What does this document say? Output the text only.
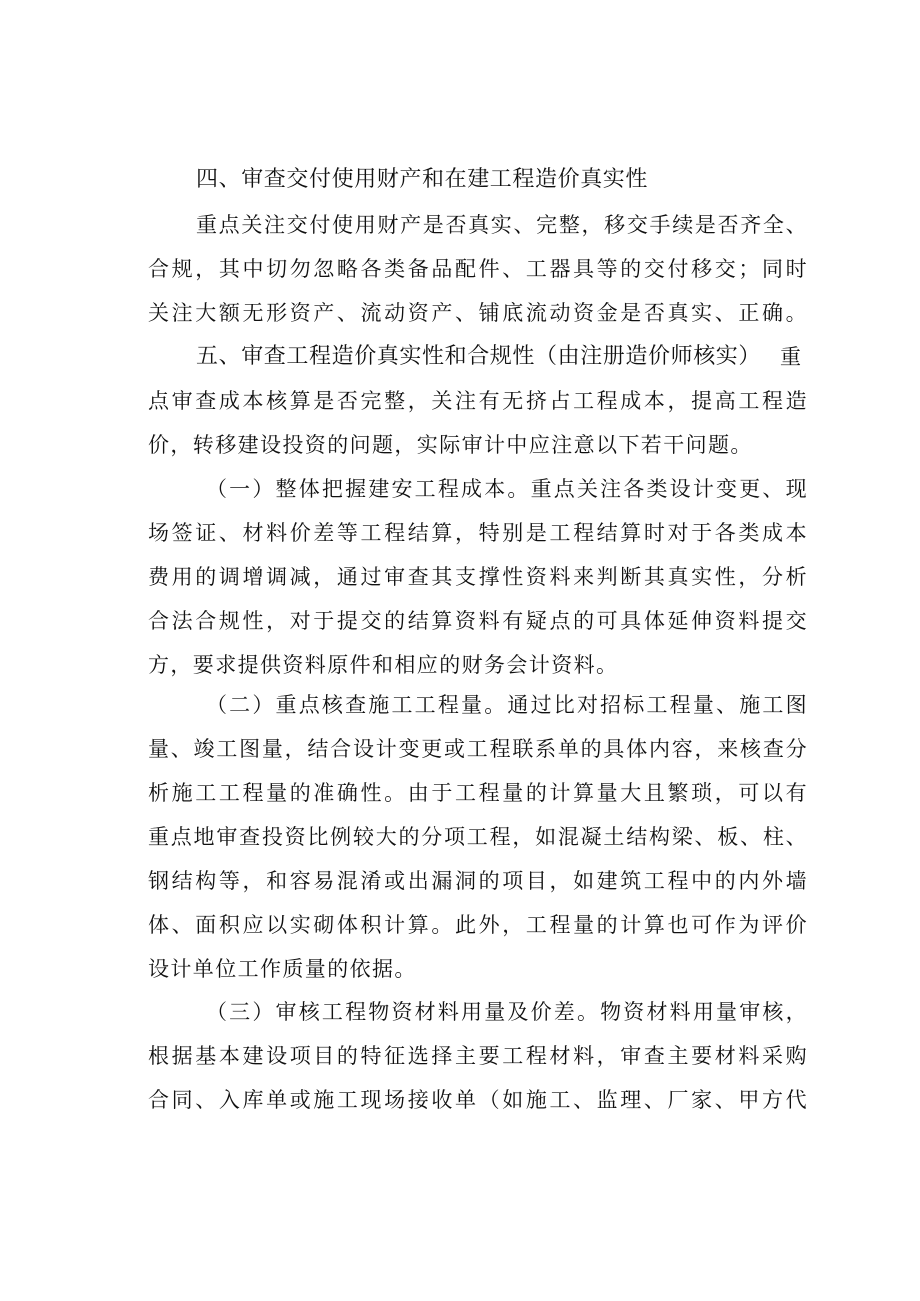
四、审查交付使用财产和在建工程造价真实性
重点关注交付使用财产是否真实、完整，移交手续是否齐全、
合规，其中切勿忽略各类备品配件、工器具等的交付移交；同时
关注大额无形资产、流动资产、铺底流动资金是否真实、正确。
五、审查工程造价真实性和合规性（由注册造价师核实） 重
点审查成本核算是否完整，关注有无挤占工程成本，提高工程造
价，转移建设投资的问题，实际审计中应注意以下若干问题。
（一）整体把握建安工程成本。重点关注各类设计变更、现
场签证、材料价差等工程结算，特别是工程结算时对于各类成本
费用的调增调减，通过审查其支撑性资料来判断其真实性，分析
合法合规性，对于提交的结算资料有疑点的可具体延伸资料提交
方，要求提供资料原件和相应的财务会计资料。
（二）重点核查施工工程量。通过比对招标工程量、施工图
量、竣工图量，结合设计变更或工程联系单的具体内容，来核查分
析施工工程量的准确性。由于工程量的计算量大且繁琐，可以有
重点地审查投资比例较大的分项工程，如混凝土结构梁、板、柱、
钢结构等，和容易混淆或出漏洞的项目，如建筑工程中的内外墙
体、面积应以实砌体积计算。此外，工程量的计算也可作为评价
设计单位工作质量的依据。
（三）审核工程物资材料用量及价差。物资材料用量审核，
根据基本建设项目的特征选择主要工程材料，审查主要材料采购
合同、入库单或施工现场接收单（如施工、监理、厂家、甲方代
